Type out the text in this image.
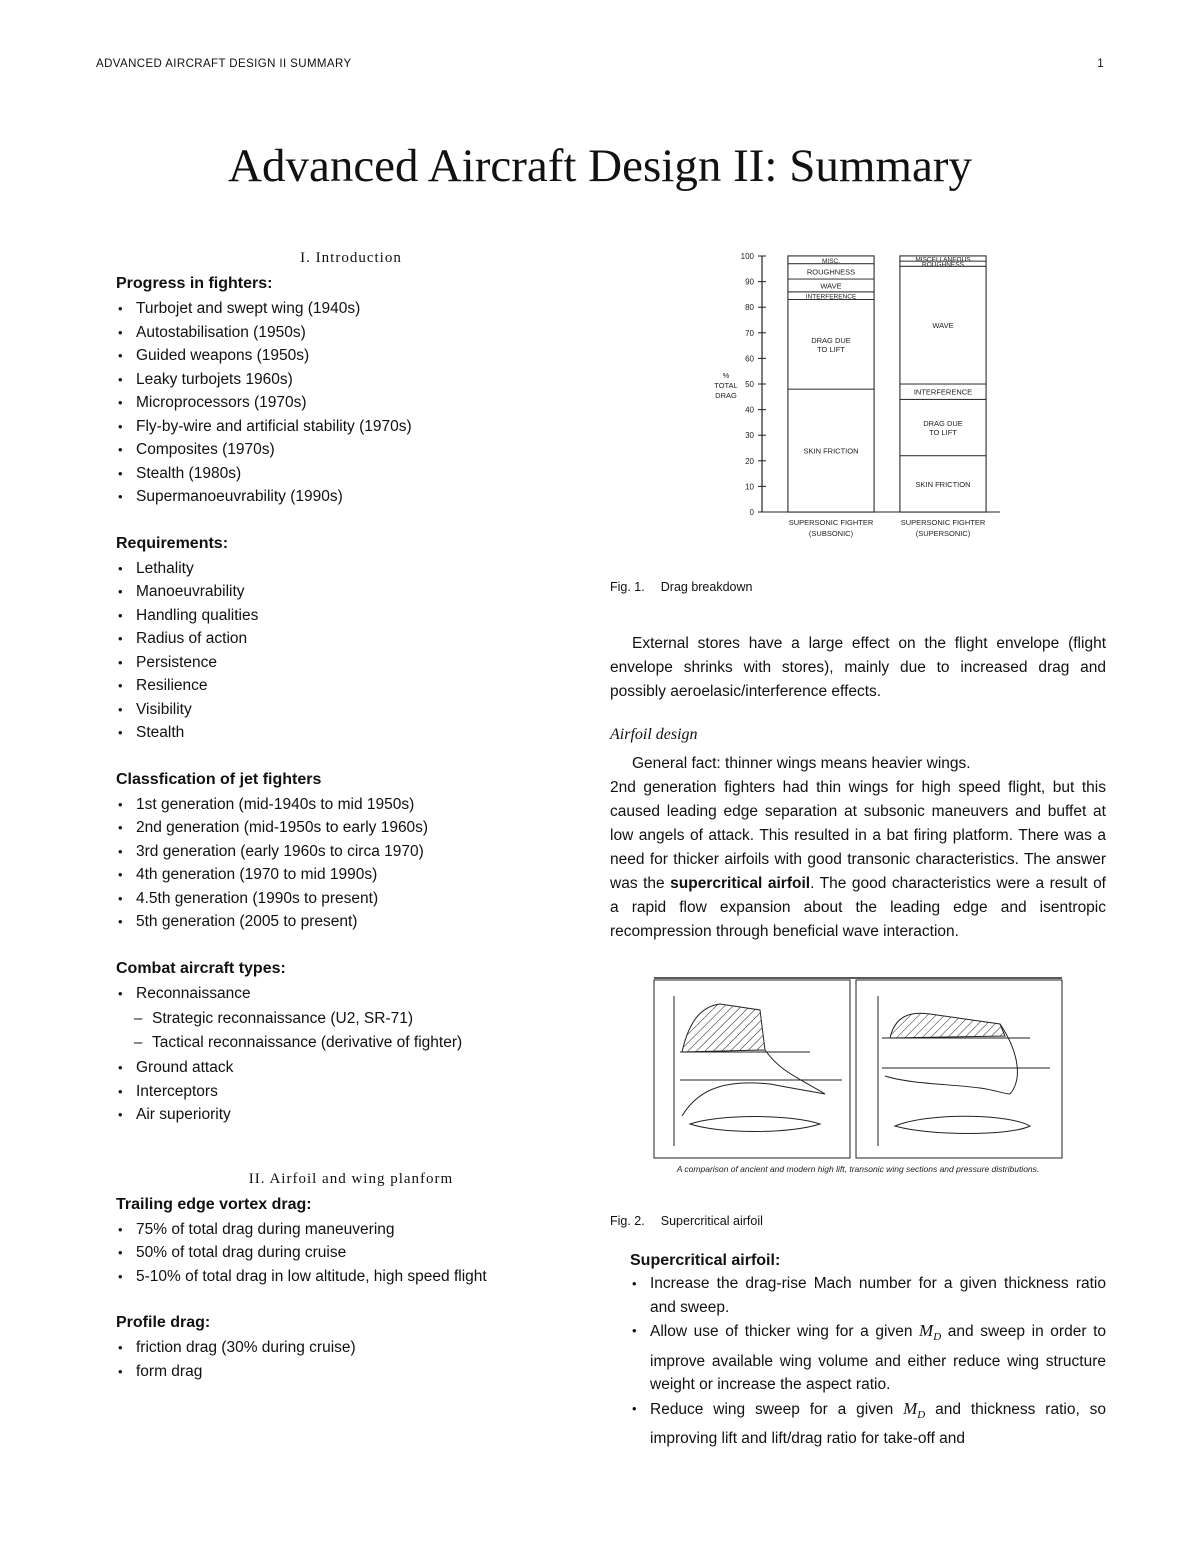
ADVANCED AIRCRAFT DESIGN II SUMMARY	1
Advanced Aircraft Design II: Summary
I. Introduction
Progress in fighters:
• Turbojet and swept wing (1940s)
• Autostabilisation (1950s)
• Guided weapons (1950s)
• Leaky turbojets 1960s)
• Microprocessors (1970s)
• Fly-by-wire and artificial stability (1970s)
• Composites (1970s)
• Stealth (1980s)
• Supermanoeuvrability (1990s)
Requirements:
• Lethality
• Manoeuvrability
• Handling qualities
• Radius of action
• Persistence
• Resilience
• Visibility
• Stealth
Classfication of jet fighters
• 1st generation (mid-1940s to mid 1950s)
• 2nd generation (mid-1950s to early 1960s)
• 3rd generation (early 1960s to circa 1970)
• 4th generation (1970 to mid 1990s)
• 4.5th generation (1990s to present)
• 5th generation (2005 to present)
Combat aircraft types:
• Reconnaissance
– Strategic reconnaissance (U2, SR-71)
– Tactical reconnaissance (derivative of fighter)
• Ground attack
• Interceptors
• Air superiority
II. Airfoil and wing planform
Trailing edge vortex drag:
• 75% of total drag during maneuvering
• 50% of total drag during cruise
• 5-10% of total drag in low altitude, high speed flight
Profile drag:
• friction drag (30% during cruise)
• form drag
0
10
20
30
40
50
60
70
80
90
100
%
TOTAL
DRAG
SKIN FRICTION
DRAG DUE
TO LIFT
INTERFERENCE
WAVE
ROUGHNESS
MISC.
SUPERSONIC FIGHTER
(SUBSONIC)
SKIN FRICTION
DRAG DUE
TO LIFT
INTERFERENCE
WAVE
ROUGHNESS
MISCELLANEOUS
SUPERSONIC FIGHTER
(SUPERSONIC)

Fig. 1. Drag breakdown

External stores have a large effect on the flight envelope (flight envelope shrinks with stores), mainly due to increased drag and possibly aeroelasic/interference effects.

Airfoil design

General fact: thinner wings means heavier wings.

2nd generation fighters had thin wings for high speed flight, but this caused leading edge separation at subsonic maneuvers and buffet at low angels of attack. This resulted in a bat firing platform. There was a need for thicker airfoils with good transonic characteristics. The answer was the supercritical airfoil. The good characteristics were a result of a rapid flow expansion about the leading edge and isentropic recompression through beneficial wave interaction.

A comparison of ancient and modern high lift, transonic wing sections and pressure distributions.

Fig. 2. Supercritical airfoil

Supercritical airfoil:
• Increase the drag-rise Mach number for a given thickness ratio and sweep.
• Allow use of thicker wing for a given $M_D$ and sweep in order to improve available wing volume and either reduce wing structure weight or increase the aspect ratio.
• Reduce wing sweep for a given $M_D$ and thickness ratio, so improving lift and lift/drag ratio for take-off and
